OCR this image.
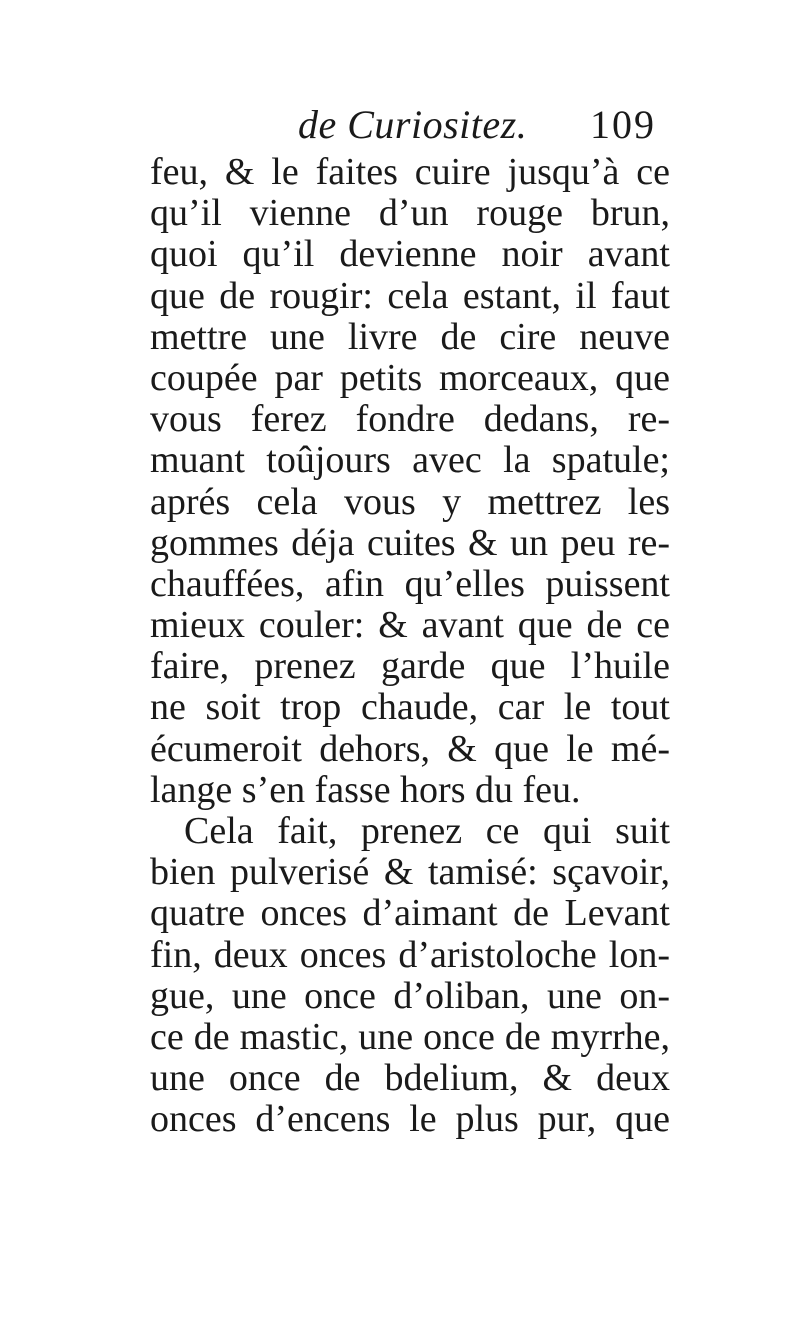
de Curiositez. 109
feu, & le faites cuire jusqu’à ce
qu’il vienne d’un rouge brun,
quoi qu’il devienne noir avant
que de rougir: cela estant, il faut
mettre une livre de cire neuve
coupée par petits morceaux, que
vous ferez fondre dedans, re-
muant toûjours avec la spatule;
aprés cela vous y mettrez les
gommes déja cuites & un peu re-
chauffées, afin qu’elles puissent
mieux couler: & avant que de ce
faire, prenez garde que l’huile
ne soit trop chaude, car le tout
écumeroit dehors, & que le mé-
lange s’en fasse hors du feu.
Cela fait, prenez ce qui suit
bien pulverisé & tamisé: sçavoir,
quatre onces d’aimant de Levant
fin, deux onces d’aristoloche lon-
gue, une once d’oliban, une on-
ce de mastic, une once de myrrhe,
une once de bdelium, & deux
onces d’encens le plus pur, que
